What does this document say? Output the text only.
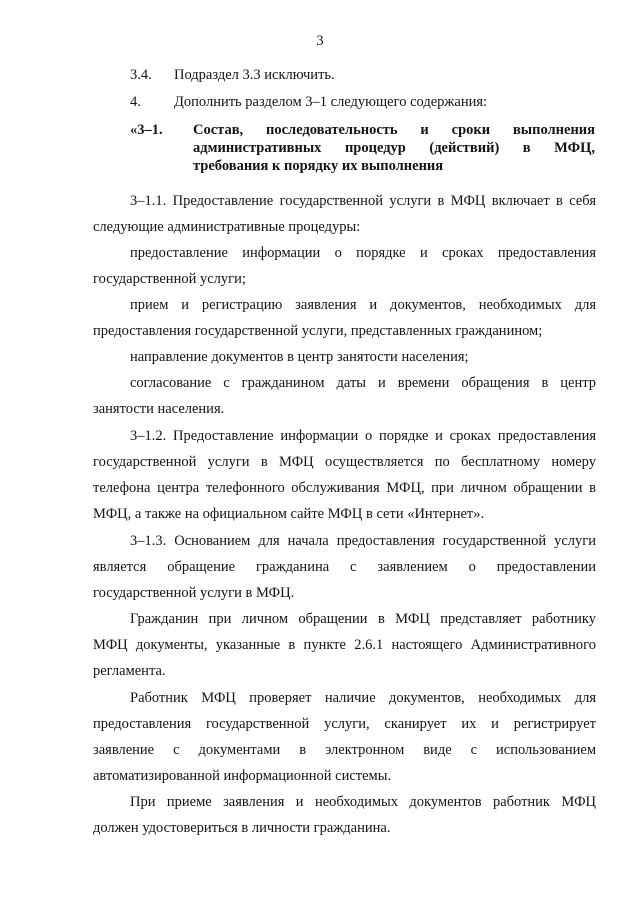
3
3.4. Подраздел 3.3 исключить.
4. Дополнить разделом 3–1 следующего содержания:
«3–1. Состав, последовательность и сроки выполнения
административных процедур (действий) в МФЦ,
требования к порядку их выполнения
3–1.1. Предоставление государственной услуги в МФЦ включает в себя
следующие административные процедуры:
предоставление информации о порядке и сроках предоставления
государственной услуги;
прием и регистрацию заявления и документов, необходимых для
предоставления государственной услуги, представленных гражданином;
направление документов в центр занятости населения;
согласование с гражданином даты и времени обращения в центр
занятости населения.
3–1.2. Предоставление информации о порядке и сроках предоставления
государственной услуги в МФЦ осуществляется по бесплатному номеру
телефона центра телефонного обслуживания МФЦ, при личном обращении в
МФЦ, а также на официальном сайте МФЦ в сети «Интернет».
3–1.3. Основанием для начала предоставления государственной услуги
является обращение гражданина с заявлением о предоставлении
государственной услуги в МФЦ.
Гражданин при личном обращении в МФЦ представляет работнику
МФЦ документы, указанные в пункте 2.6.1 настоящего Административного
регламента.
Работник МФЦ проверяет наличие документов, необходимых для
предоставления государственной услуги, сканирует их и регистрирует
заявление с документами в электронном виде с использованием
автоматизированной информационной системы.
При приеме заявления и необходимых документов работник МФЦ
должен удостовериться в личности гражданина.
